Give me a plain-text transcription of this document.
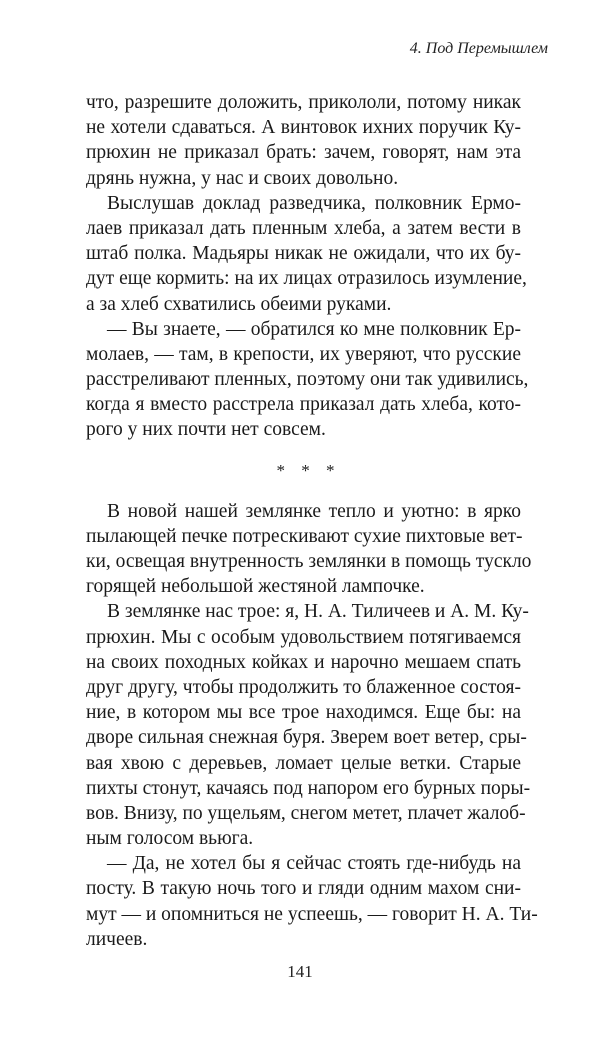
4. Под Перемышлем
что, разрешите доложить, прикололи, потому никак
не хотели сдаваться. А винтовок ихних поручик Ку-
прюхин не приказал брать: зачем, говорят, нам эта
дрянь нужна, у нас и своих довольно.
Выслушав доклад разведчика, полковник Ермо-
лаев приказал дать пленным хлеба, а затем вести в
штаб полка. Мадьяры никак не ожидали, что их бу-
дут еще кормить: на их лицах отразилось изумление,
а за хлеб схватились обеими руками.
— Вы знаете, — обратился ко мне полковник Ер-
молаев, — там, в крепости, их уверяют, что русские
расстреливают пленных, поэтому они так удивились,
когда я вместо расстрела приказал дать хлеба, кото-
рого у них почти нет совсем.
* * *
В новой нашей землянке тепло и уютно: в ярко
пылающей печке потрескивают сухие пихтовые вет-
ки, освещая внутренность землянки в помощь тускло
горящей небольшой жестяной лампочке.
В землянке нас трое: я, Н. А. Тиличеев и А. М. Ку-
прюхин. Мы с особым удовольствием потягиваемся
на своих походных койках и нарочно мешаем спать
друг другу, чтобы продолжить то блаженное состоя-
ние, в котором мы все трое находимся. Еще бы: на
дворе сильная снежная буря. Зверем воет ветер, сры-
вая хвою с деревьев, ломает целые ветки. Старые
пихты стонут, качаясь под напором его бурных поры-
вов. Внизу, по ущельям, снегом метет, плачет жалоб-
ным голосом вьюга.
— Да, не хотел бы я сейчас стоять где-нибудь на
посту. В такую ночь того и гляди одним махом сни-
мут — и опомниться не успеешь, — говорит Н. А. Ти-
личеев.
141
